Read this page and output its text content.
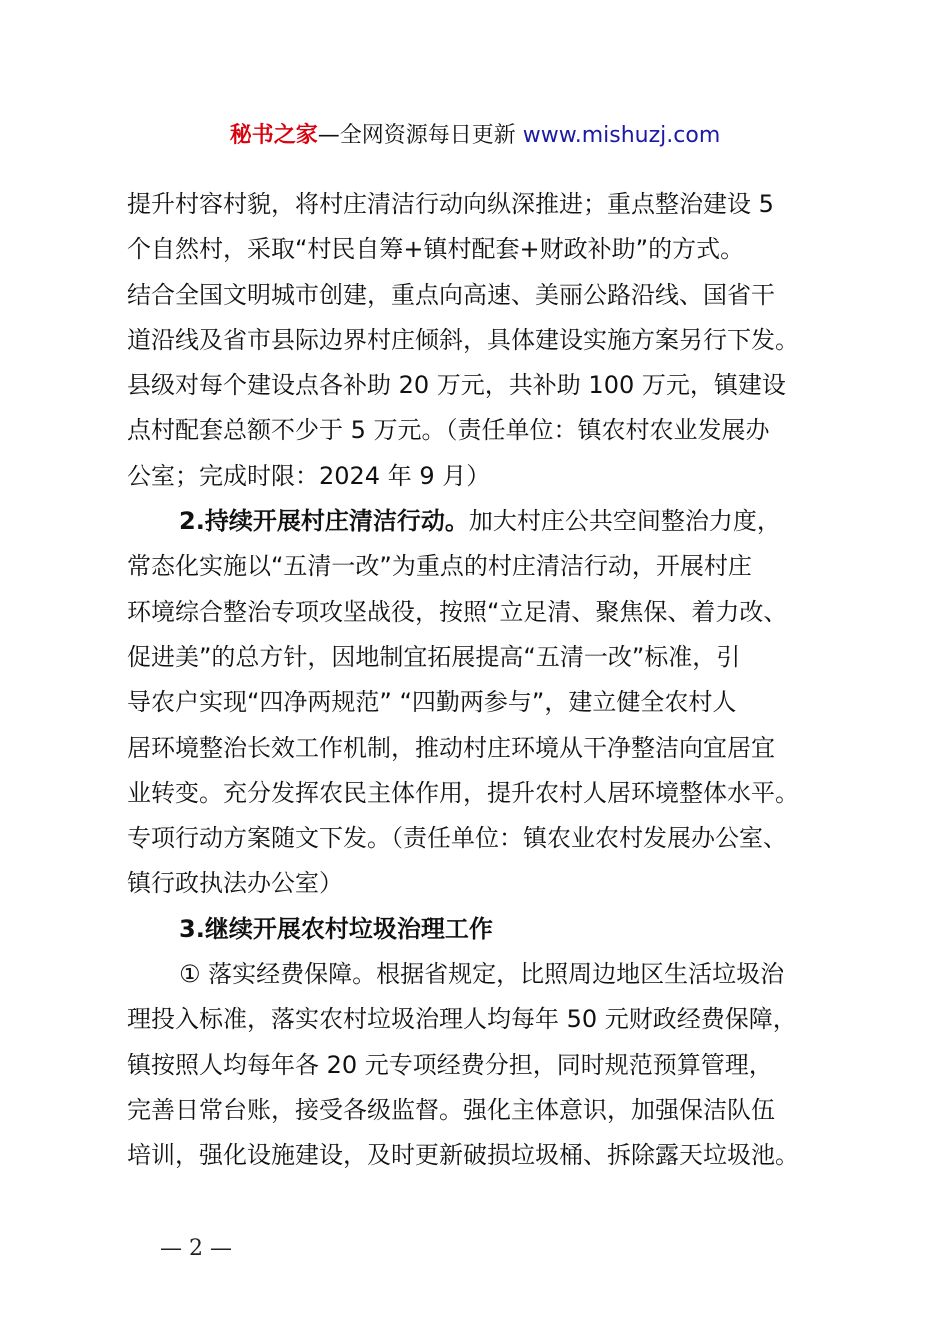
秘书之家—全网资源每日更新 www.mishuzj.com
提升村容村貌，将村庄清洁行动向纵深推进；重点整治建设 5
个自然村，采取“村民自筹+镇村配套+财政补助”的方式。
结合全国文明城市创建，重点向高速、美丽公路沿线、国省干
道沿线及省市县际边界村庄倾斜，具体建设实施方案另行下发。
县级对每个建设点各补助 20 万元，共补助 100 万元，镇建设
点村配套总额不少于 5 万元。（责任单位：镇农村农业发展办
公室；完成时限：2024 年 9 月）
2.持续开展村庄清洁行动。加大村庄公共空间整治力度，
常态化实施以“五清一改”为重点的村庄清洁行动，开展村庄
环境综合整治专项攻坚战役，按照“立足清、聚焦保、着力改、
促进美”的总方针，因地制宜拓展提高“五清一改”标准，引
导农户实现“四净两规范” “四勤两参与”，建立健全农村人
居环境整治长效工作机制，推动村庄环境从干净整洁向宜居宜
业转变。充分发挥农民主体作用，提升农村人居环境整体水平。
专项行动方案随文下发。（责任单位：镇农业农村发展办公室、
镇行政执法办公室）
3.继续开展农村垃圾治理工作
① 落实经费保障。根据省规定，比照周边地区生活垃圾治
理投入标准，落实农村垃圾治理人均每年 50 元财政经费保障，
镇按照人均每年各 20 元专项经费分担，同时规范预算管理，
完善日常台账，接受各级监督。强化主体意识，加强保洁队伍
培训，强化设施建设，及时更新破损垃圾桶、拆除露天垃圾池。
— 2 —
